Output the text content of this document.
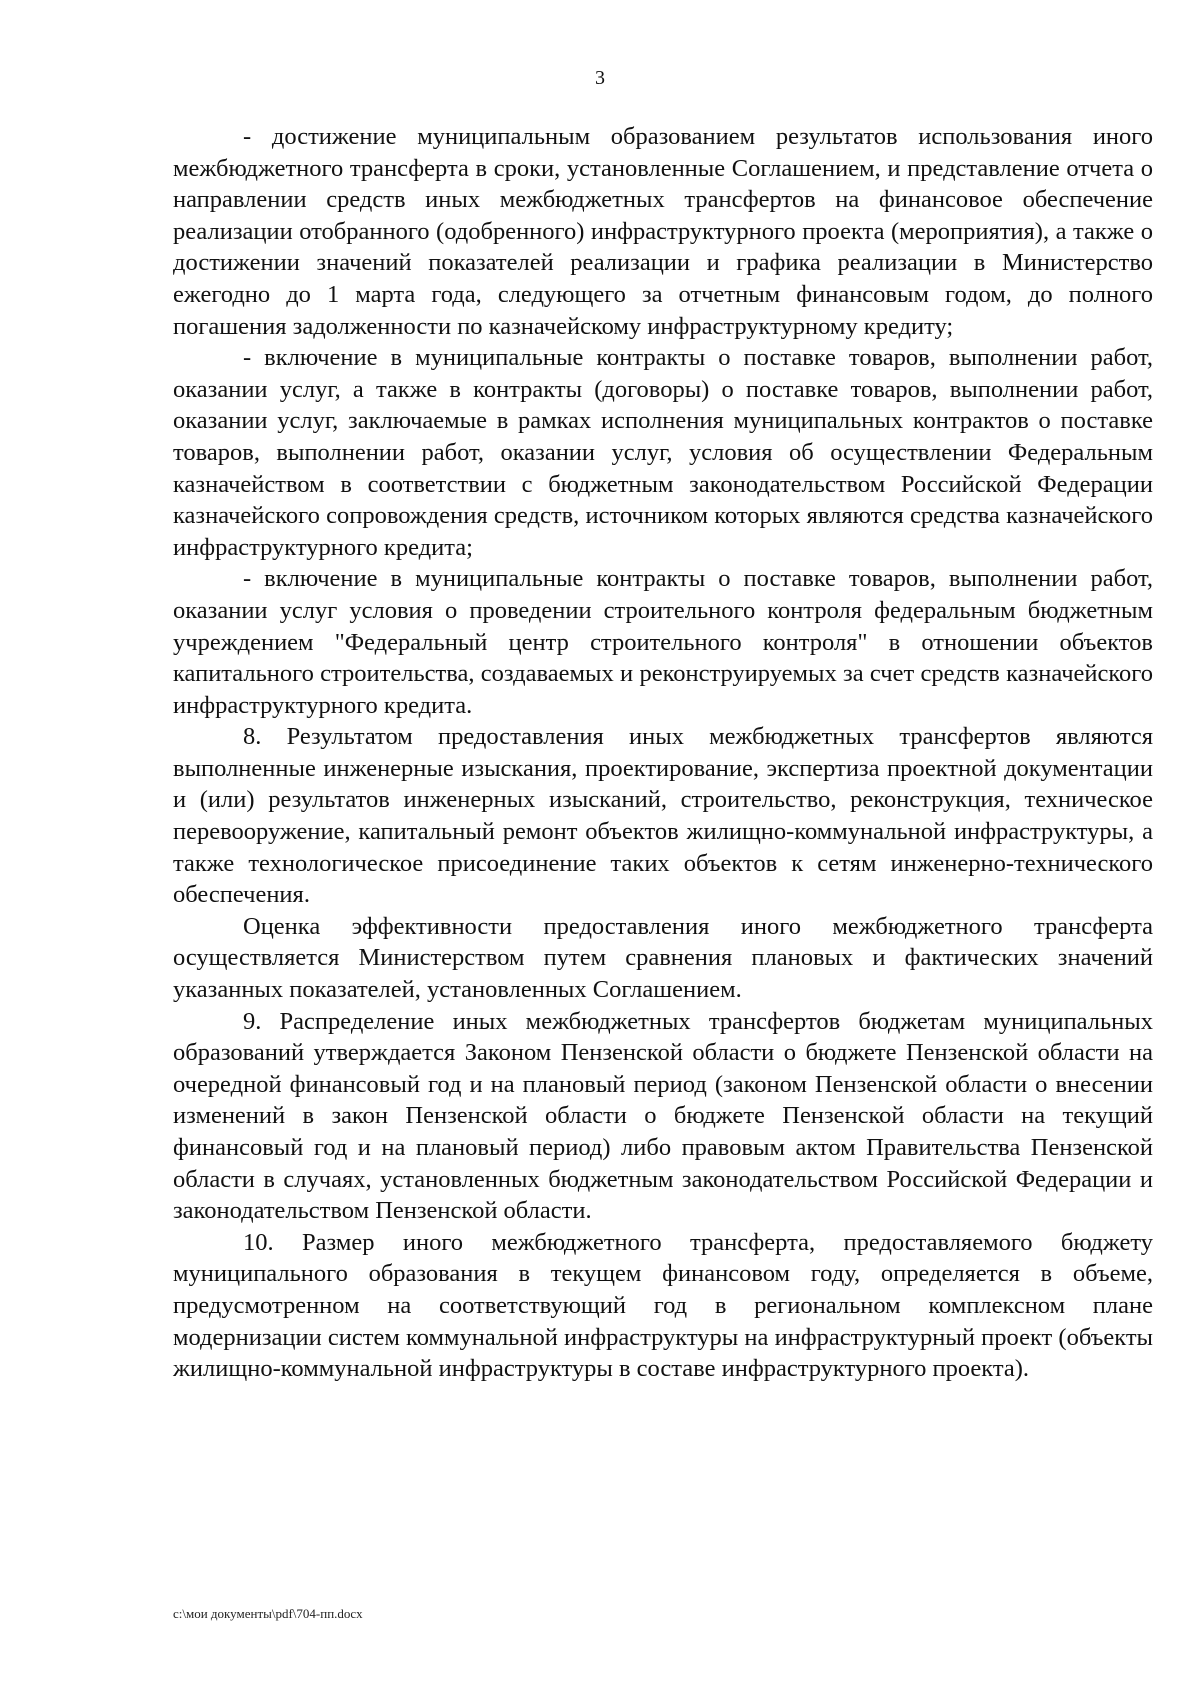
3

- достижение муниципальным образованием результатов использования иного межбюджетного трансферта в сроки, установленные Соглашением, и представление отчета о направлении средств иных межбюджетных трансфертов на финансовое обеспечение реализации отобранного (одобренного) инфраструктурного проекта (мероприятия), а также о достижении значений показателей реализации и графика реализации в Министерство ежегодно до 1 марта года, следующего за отчетным финансовым годом, до полного погашения задолженности по казначейскому инфраструктурному кредиту;

- включение в муниципальные контракты о поставке товаров, выполнении работ, оказании услуг, а также в контракты (договоры) о поставке товаров, выполнении работ, оказании услуг, заключаемые в рамках исполнения муниципальных контрактов о поставке товаров, выполнении работ, оказании услуг, условия об осуществлении Федеральным казначейством в соответствии с бюджетным законодательством Российской Федерации казначейского сопровождения средств, источником которых являются средства казначейского инфраструктурного кредита;

- включение в муниципальные контракты о поставке товаров, выполнении работ, оказании услуг условия о проведении строительного контроля федеральным бюджетным учреждением "Федеральный центр строительного контроля" в отношении объектов капитального строительства, создаваемых и реконструируемых за счет средств казначейского инфраструктурного кредита.

8. Результатом предоставления иных межбюджетных трансфертов являются выполненные инженерные изыскания, проектирование, экспертиза проектной документации и (или) результатов инженерных изысканий, строительство, реконструкция, техническое перевооружение, капитальный ремонт объектов жилищно-коммунальной инфраструктуры, а также технологическое присоединение таких объектов к сетям инженерно-технического обеспечения.

Оценка эффективности предоставления иного межбюджетного трансферта осуществляется Министерством путем сравнения плановых и фактических значений указанных показателей, установленных Соглашением.

9. Распределение иных межбюджетных трансфертов бюджетам муниципальных образований утверждается Законом Пензенской области о бюджете Пензенской области на очередной финансовый год и на плановый период (законом Пензенской области о внесении изменений в закон Пензенской области о бюджете Пензенской области на текущий финансовый год и на плановый период) либо правовым актом Правительства Пензенской области в случаях, установленных бюджетным законодательством Российской Федерации и законодательством Пензенской области.

10. Размер иного межбюджетного трансферта, предоставляемого бюджету муниципального образования в текущем финансовом году, определяется в объеме, предусмотренном на соответствующий год в региональном комплексном плане модернизации систем коммунальной инфраструктуры на инфраструктурный проект (объекты жилищно-коммунальной инфраструктуры в составе инфраструктурного проекта).

c:\мои документы\pdf\704-пп.docx
